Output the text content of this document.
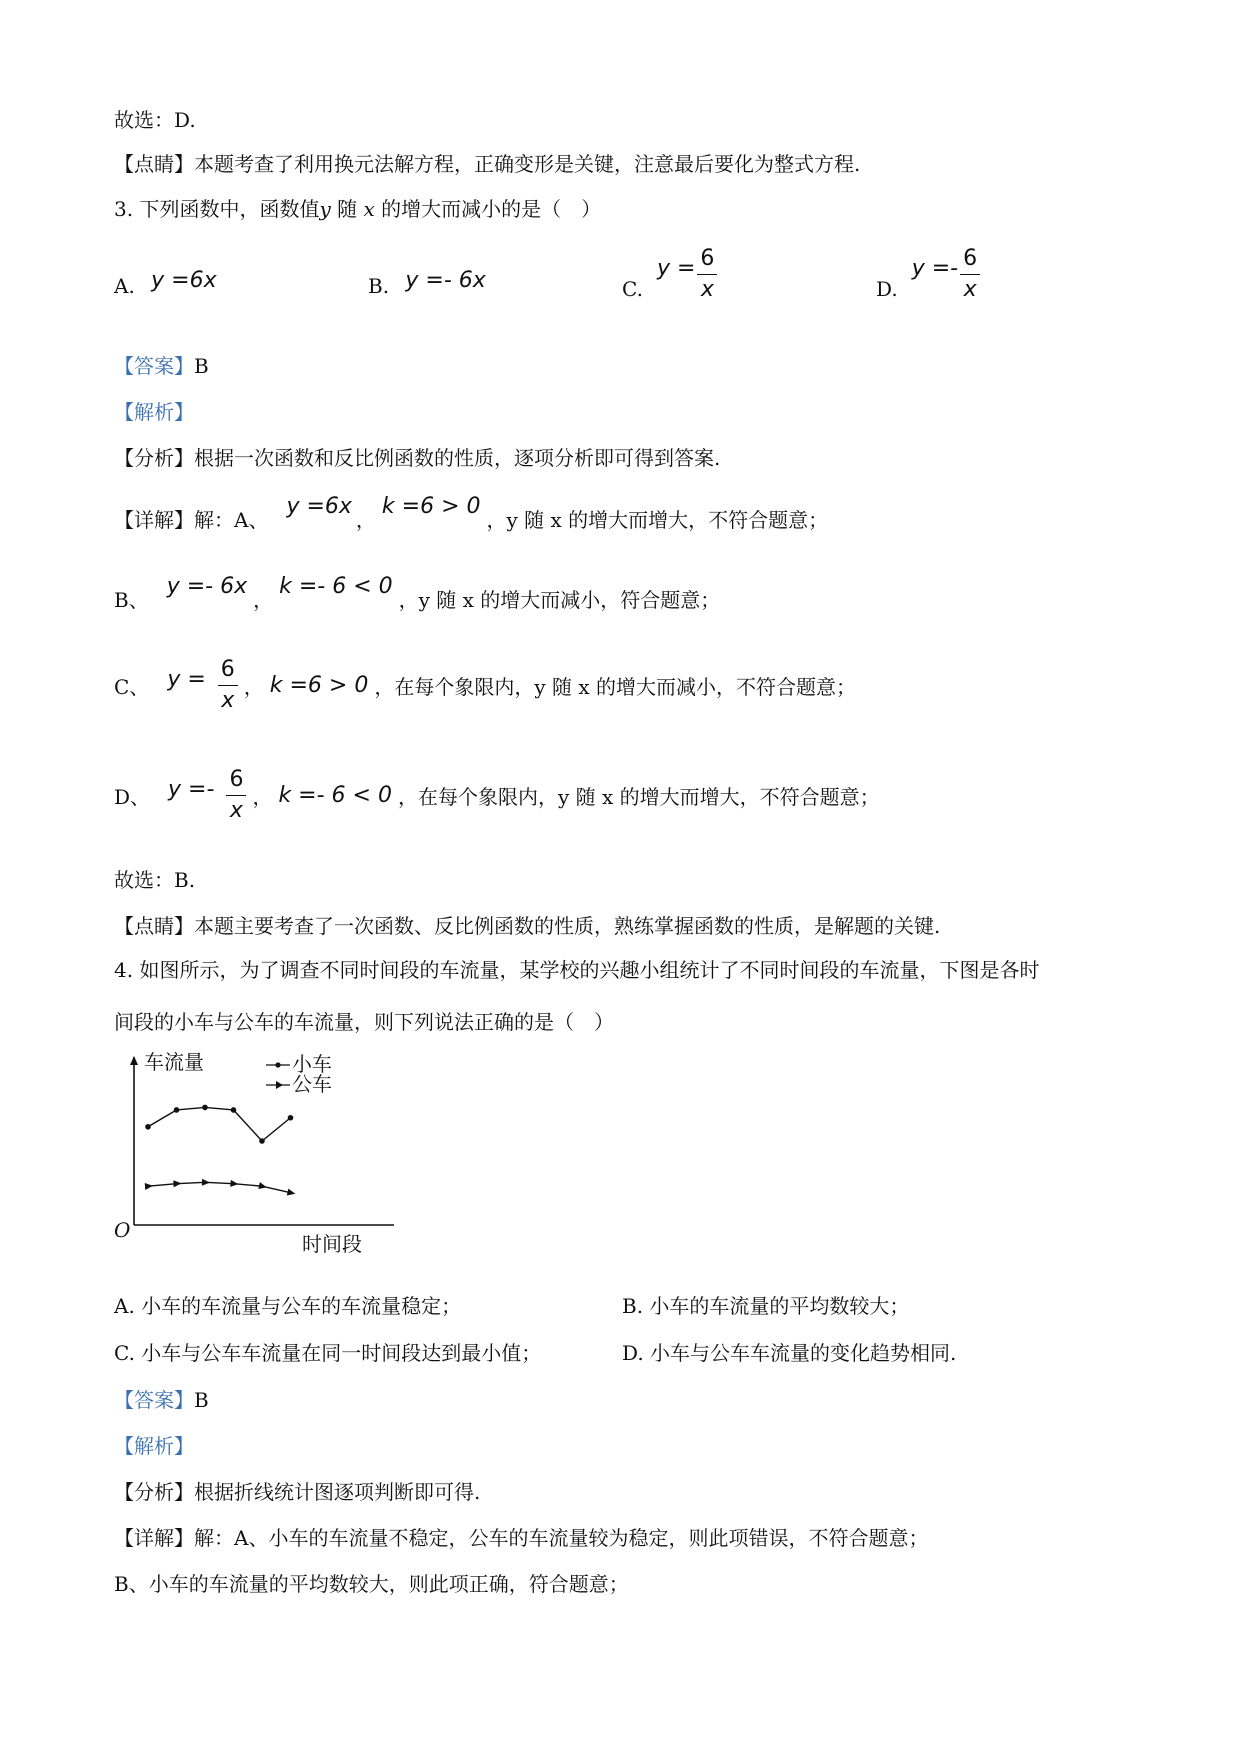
故选：D.
【点睛】本题考查了利用换元法解方程，正确变形是关键，注意最后要化为整式方程.
3. 下列函数中，函数值y 随 x 的增大而减小的是（　）
A. y =6x	B. y =- 6x	C.
$y = \frac{6}{x}$	D.
$y =- \frac{6}{x}$
【答案】B
【解析】
【分析】根据一次函数和反比例函数的性质，逐项分析即可得到答案.
【详解】 解：A、
y =6x
，
k =6 > 0
，y 随 x 的增大而增大，不符合题意；
B、
y =- 6x
，
k =- 6 < 0
，y 随 x 的增大而减小，符合题意；
C、 $y = \frac{6}{x}$ ， k =6 > 0 ，在每个象限内，y 随 x 的增大而减小，不符合题意；
D、 $y =- \frac{6}{x}$ ， k =- 6 < 0 ，在每个象限内，y 随 x 的增大而增大，不符合题意；
故选：B.
【点睛】本题主要考查了一次函数、反比例函数的性质，熟练掌握函数的性质，是解题的关键.
4. 如图所示，为了调查不同时间段的车流量，某学校的兴趣小组统计了不同时间段的车流量，下图是各时
间段的小车与公车的车流量，则下列说法正确的是（　）
车流量
时间段
O
小车
公车
A. 小车的车流量与公车的车流量稳定；	B. 小车的车流量的平均数较大；
C. 小车与公车车流量在同一时间段达到最小值；	D. 小车与公车车流量的变化趋势相同.
【答案】B
【解析】
【分析】根据折线统计图逐项判断即可得.
【详解】解：A、小车的车流量不稳定，公车的车流量较为稳定，则此项错误，不符合题意；
B、小车的车流量的平均数较大，则此项正确，符合题意；
